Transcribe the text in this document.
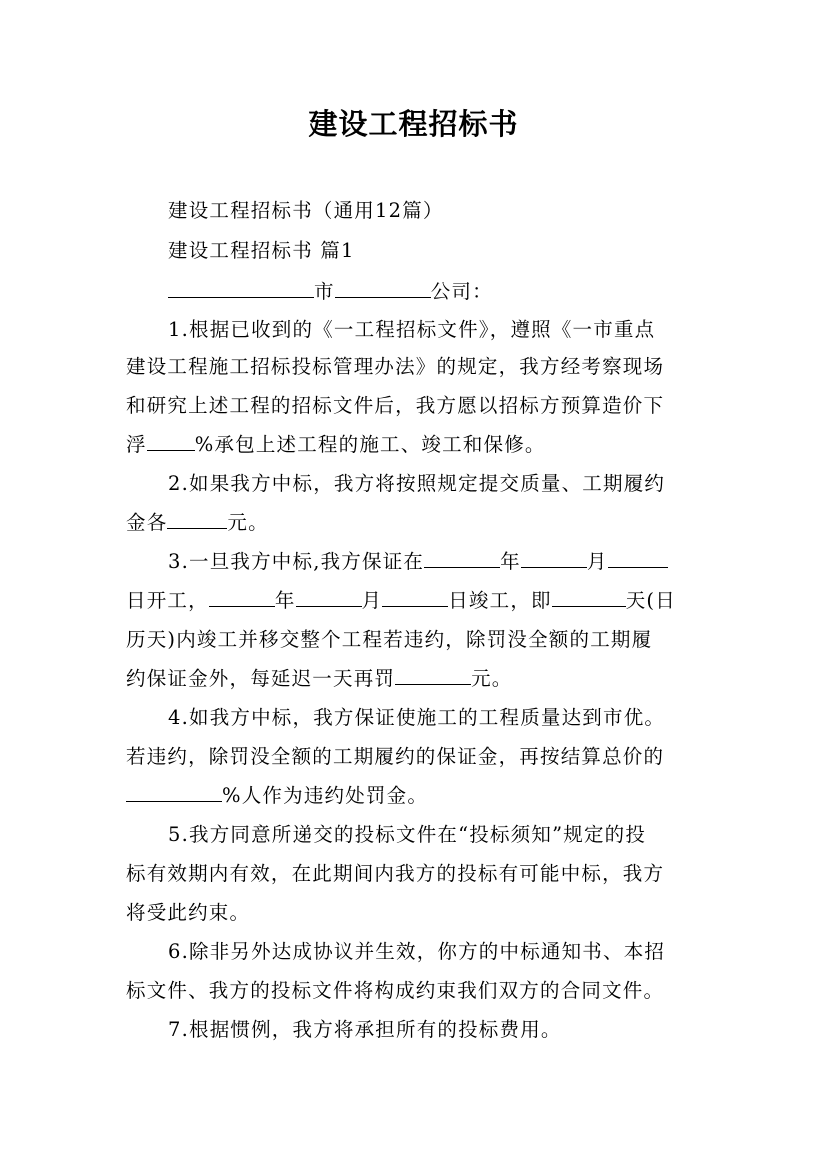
建设工程招标书
建设工程招标书（通用12篇）
建设工程招标书 篇1
市	公司：
1.根据已收到的《一工程招标文件》，遵照《一市重点
建设工程施工招标投标管理办法》的规定，我方经考察现场
和研究上述工程的招标文件后，我方愿以招标方预算造价下
浮 %承包上述工程的施工、竣工和保修。
2.如果我方中标，我方将按照规定提交质量、工期履约
金各	元。
3.一旦我方中标,我方保证在	年	月
日开工，	年	月	日竣工，即	天(日
历天)内竣工并移交整个工程若违约，除罚没全额的工期履
约保证金外，每延迟一天再罚	元。
4.如我方中标，我方保证使施工的工程质量达到市优。
若违约，除罚没全额的工期履约的保证金，再按结算总价的
%人作为违约处罚金。
5.我方同意所递交的投标文件在“投标须知”规定的投
标有效期内有效，在此期间内我方的投标有可能中标，我方
将受此约束。
6.除非另外达成协议并生效，你方的中标通知书、本招
标文件、我方的投标文件将构成约束我们双方的合同文件。
7.根据惯例，我方将承担所有的投标费用。
